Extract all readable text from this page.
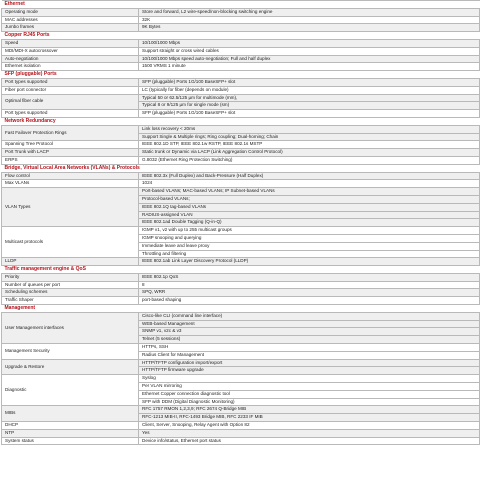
Ethernet	
Operating mode	Store and forward, L2 wire-speed/non-blocking switching engine
MAC addresses	32K
Jumbo frames	9K Bytes
Copper RJ45 Ports	
Speed	10/100/1000 Mbps
MDI/MDI-X autocrossover	Support straight or cross wired cables
Auto-negotiation	10/100/1000 Mbps speed auto-negotiation; Full and half duplex
Ethernet isolation	1500 VRMS 1 minute
SFP (pluggable) Ports	
Port types supported	SFP (pluggable) Ports 1G/100 BaseSFP+ slot
Fiber port connector	LC (typically for fiber (depends on module)
Optimal fiber cable	Typical 50 or 62.5/125 µm for multimode (mm),
	Typical 8 or 9/125 µm for single mode (sm)
Port types supported	SFP (pluggable) Ports 1G/100 BaseSFP+ slot
Network Redundancy	
Fast Failover Protection Rings	Link loss recovery < 20ms
	Support Single & Multiple rings; Ring coupling; Dual-homing; Chain
Spanning Tree Protocol	IEEE 802.1D STP, IEEE 802.1w RSTP, IEEE 802.1s MSTP
Port Trunk with LACP	Static trunk or Dynamic via LACP (Link Aggregation Control Protocol)
ERPS	G.8032 (Ethernet Ring Protection Switching)
Bridge, Virtual Local Area Networks (VLANs) & Protocols	
Flow control	IEEE 802.3x (Full Duplex) and Back-Pressure (Half Duplex)
Max VLANs	1024
VLAN Types	Port-based VLANs; MAC-based VLANs; IP Subnet-based VLANs
	Protocol-based VLANs;
	IEEE 802.1Q tag-based VLANs
	RADIUS-assigned VLAN
	IEEE 802.1ad Double Tagging (Q-in-Q)
Multicast protocols	IGMP v1, v2 with up to 255 multicast groups
	IGMP snooping and querying
	Immediate leave and leave proxy
	Throttling and filtering
LLDP	IEEE 802.1ab Link Layer Discovery Protocol (LLDP)
Traffic management engine & QoS	
Priority	IEEE 802.1p QoS
Number of queues per port	8
Scheduling schemes	SPQ, WRR
Traffic Shaper	port-based shaping
Management	
User Management interfaces	Cisco-like CLI (command line interface)
	WEB-based Management
	SNMP v1, v2c & v3
	Telnet (5 sessions)
Management Security	HTTPs, SSH
	Radius Client for Management
Upgrade & Restore	HTTP/TFTP configuration import/export
	HTTP/TFTP firmware upgrade
Diagnostic	Syslog
	Per VLAN mirroring
	Ethernet Copper connection diagnostic tool
	SFP with DDM (Digital Diagnostic Monitoring)
MIBs	RFC 1757 RMON 1,2,3,9; RFC 2674 Q-Bridge MIB
	RFC-1213 MIB-II, RFC-1493 Bridge MIB, RFC 2233 IF MIB
DHCP	Client, Server, Snooping, Relay Agent with Option 82
NTP	Yes
System status	Device info/status, Ethernet port status
